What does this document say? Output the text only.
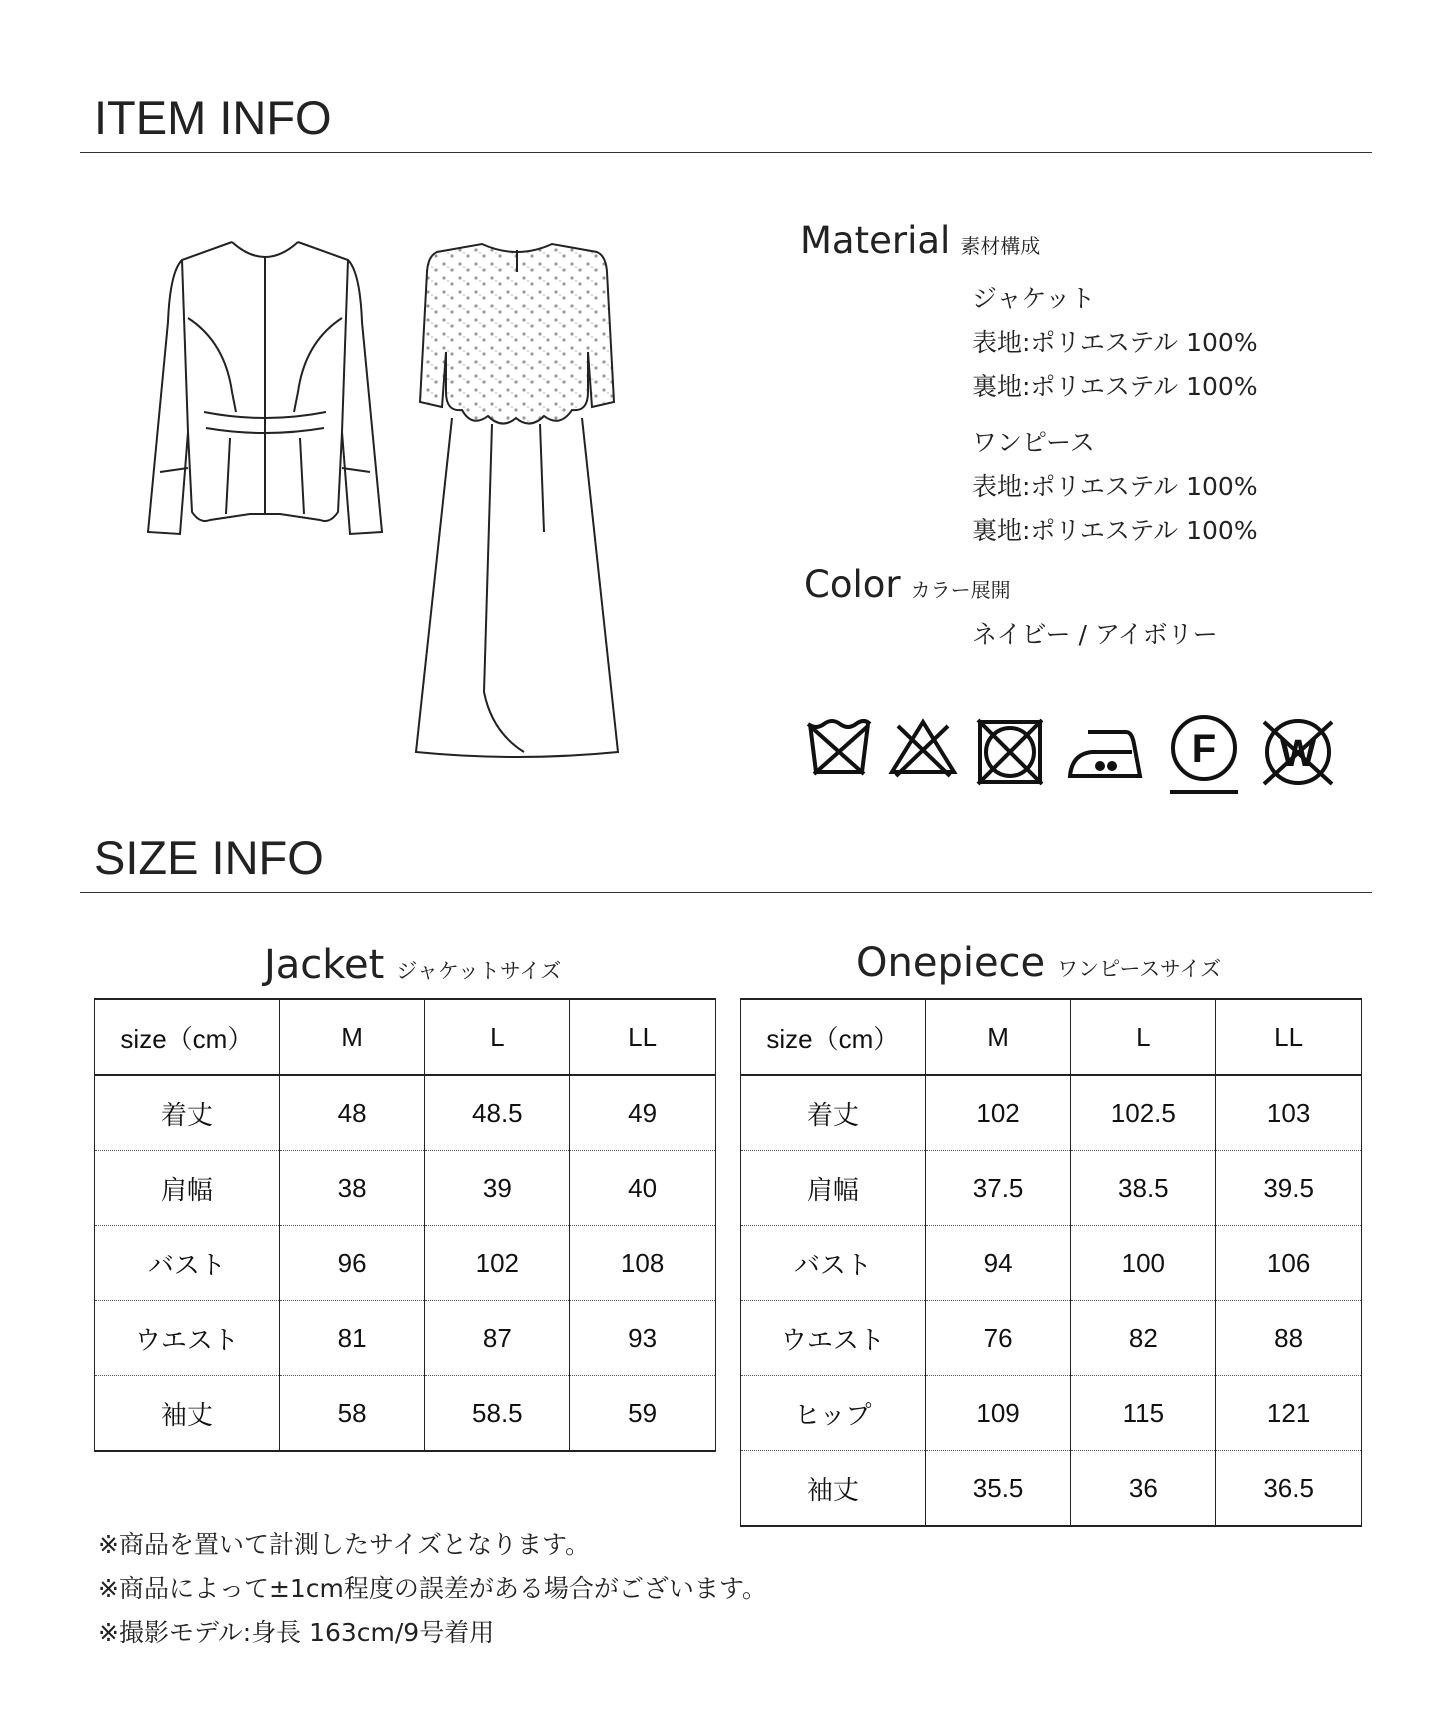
ITEM INFO
Material 素材構成
ジャケット
表地:ポリエステル 100%
裏地:ポリエステル 100%
ワンピース
表地:ポリエステル 100%
裏地:ポリエステル 100%
Color カラー展開
ネイビー / アイボリー
F W
SIZE INFO
Jacket ジャケットサイズ
size（cm）	M	L	LL
着丈	48	48.5	49
肩幅	38	39	40
バスト	96	102	108
ウエスト	81	87	93
袖丈	58	58.5	59
Onepiece ワンピースサイズ
size（cm）	M	L	LL
着丈	102	102.5	103
肩幅	37.5	38.5	39.5
バスト	94	100	106
ウエスト	76	82	88
ヒップ	109	115	121
袖丈	35.5	36	36.5
※商品を置いて計測したサイズとなります。
※商品によって±1cm程度の誤差がある場合がございます。
※撮影モデル:身長 163cm/9号着用
